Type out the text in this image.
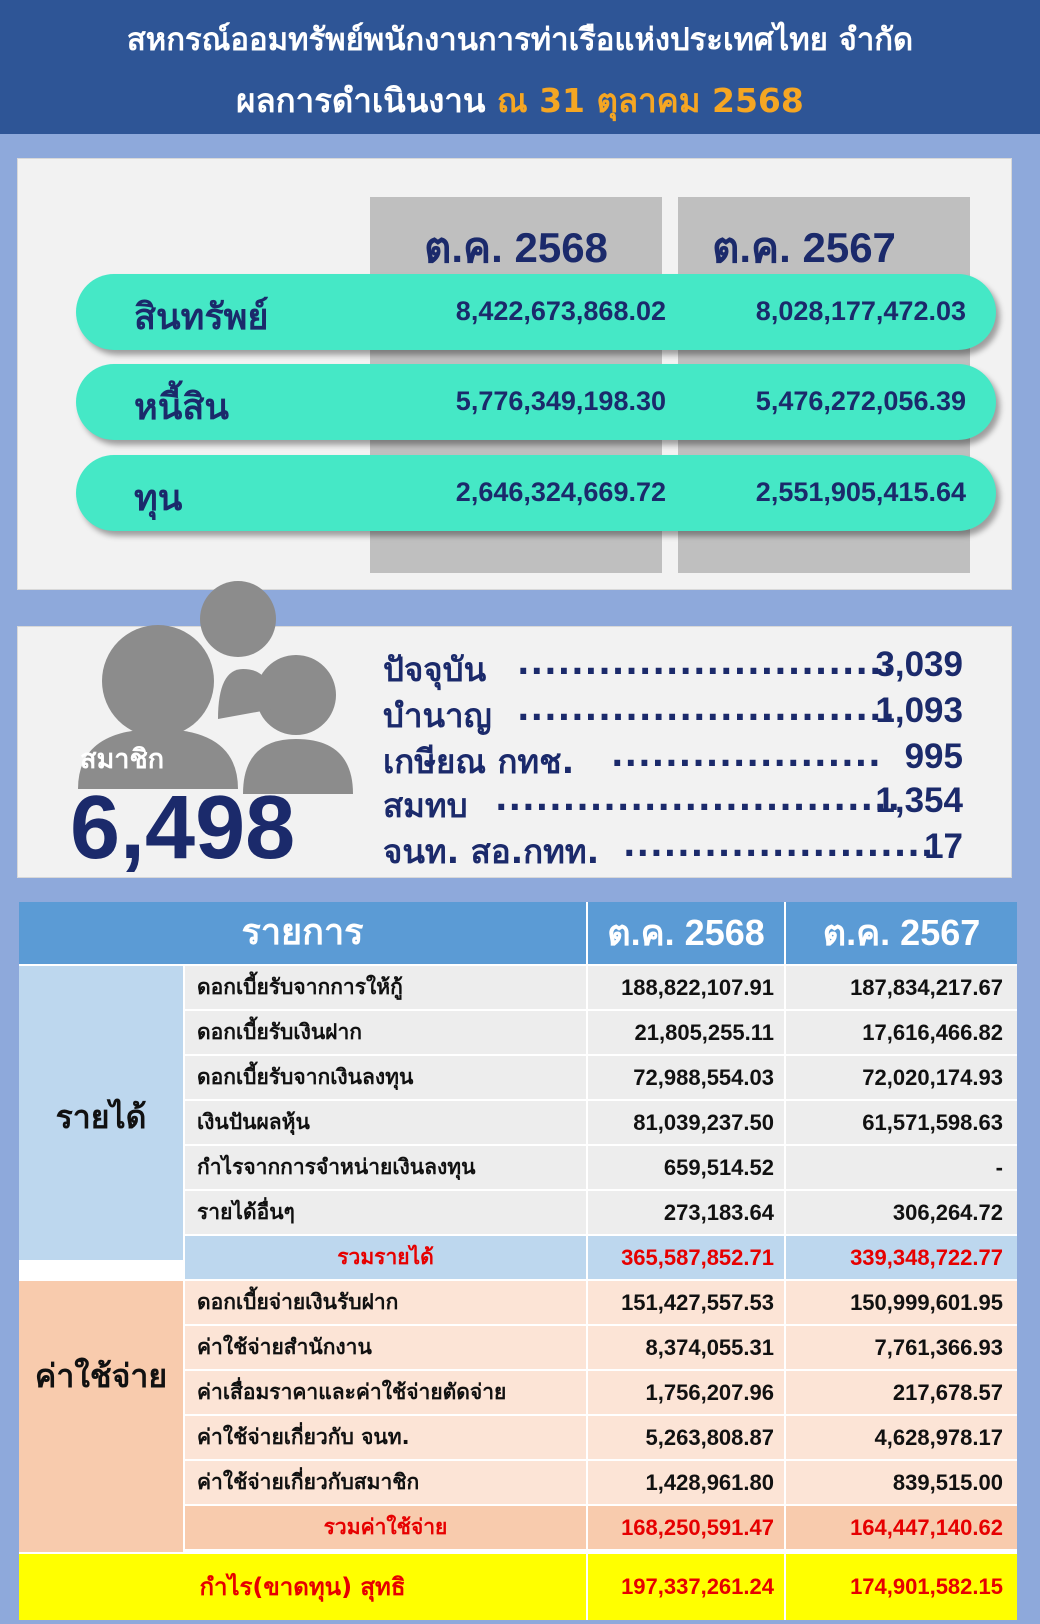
สหกรณ์ออมทรัพย์พนักงานการท่าเรือแห่งประเทศไทย จำกัด
ผลการดำเนินงาน ณ 31 ตุลาคม 2568
ต.ค. 2568	ต.ค. 2567
สินทรัพย์	8,422,673,868.02	8,028,177,472.03
หนี้สิน	5,776,349,198.30	5,476,272,056.39
ทุน	2,646,324,669.72	2,551,905,415.64
สมาชิก
6,498
ปัจจุบัน ............................
3,039
บำนาญ ............................
1,093
เกษียณ กทช. .................... 995
สมทบ ..............................
1,354
จนท. สอ.กทท. .......................
17
รายการ	ต.ค. 2568	ต.ค. 2567
รายได้
ดอกเบี้ยรับจากการให้กู้	188,822,107.91	187,834,217.67
ดอกเบี้ยรับเงินฝาก	21,805,255.11	17,616,466.82
ดอกเบี้ยรับจากเงินลงทุน	72,988,554.03	72,020,174.93
เงินปันผลหุ้น	81,039,237.50	61,571,598.63
กำไรจากการจำหน่ายเงินลงทุน	659,514.52	-
รายได้อื่นๆ	273,183.64	306,264.72
รวมรายได้	365,587,852.71	339,348,722.77
ค่าใช้จ่าย
ดอกเบี้ยจ่ายเงินรับฝาก	151,427,557.53	150,999,601.95
ค่าใช้จ่ายสำนักงาน	8,374,055.31	7,761,366.93
ค่าเสื่อมราคาและค่าใช้จ่ายตัดจ่าย	1,756,207.96	217,678.57
ค่าใช้จ่ายเกี่ยวกับ จนท.	5,263,808.87	4,628,978.17
ค่าใช้จ่ายเกี่ยวกับสมาชิก	1,428,961.80	839,515.00
รวมค่าใช้จ่าย	168,250,591.47	164,447,140.62
กำไร(ขาดทุน) สุทธิ	197,337,261.24	174,901,582.15
